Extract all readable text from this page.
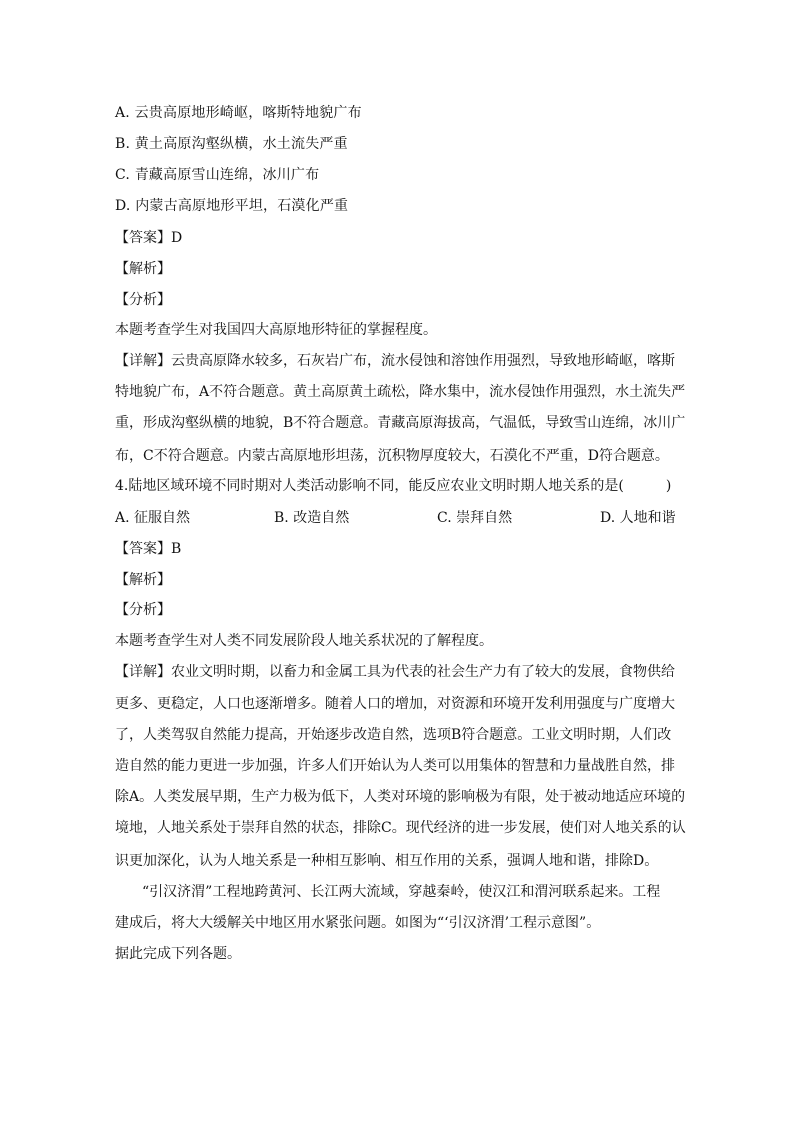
A. 云贵高原地形崎岖，喀斯特地貌广布
B. 黄土高原沟壑纵横，水土流失严重
C. 青藏高原雪山连绵，冰川广布
D. 内蒙古高原地形平坦，石漠化严重
【答案】D
【解析】
【分析】
本题考查学生对我国四大高原地形特征的掌握程度。
【详解】云贵高原降水较多，石灰岩广布，流水侵蚀和溶蚀作用强烈，导致地形崎岖，喀斯
特地貌广布，A不符合题意。黄土高原黄土疏松，降水集中，流水侵蚀作用强烈，水土流失严
重，形成沟壑纵横的地貌，B不符合题意。青藏高原海拔高，气温低，导致雪山连绵，冰川广
布，C不符合题意。内蒙古高原地形坦荡，沉积物厚度较大，石漠化不严重，D符合题意。
4.陆地区域环境不同时期对人类活动影响不同，能反应农业文明时期人地关系的是(　　　)
A. 征服自然	B. 改造自然	C. 崇拜自然	D. 人地和谐
【答案】B
【解析】
【分析】
本题考查学生对人类不同发展阶段人地关系状况的了解程度。
【详解】农业文明时期，以畜力和金属工具为代表的社会生产力有了较大的发展，食物供给
更多、更稳定，人口也逐渐增多。随着人口的增加，对资源和环境开发利用强度与广度增大
了，人类驾驭自然能力提高，开始逐步改造自然，选项B符合题意。工业文明时期，人们改
造自然的能力更进一步加强，许多人们开始认为人类可以用集体的智慧和力量战胜自然，排
除A。人类发展早期，生产力极为低下，人类对环境的影响极为有限，处于被动地适应环境的
境地，人地关系处于崇拜自然的状态，排除C。现代经济的进一步发展，使们对人地关系的认
识更加深化，认为人地关系是一种相互影响、相互作用的关系，强调人地和谐，排除D。
“引汉济渭”工程地跨黄河、长江两大流域，穿越秦岭，使汉江和渭河联系起来。工程
建成后，将大大缓解关中地区用水紧张问题。如图为“‘引汉济渭’工程示意图”。
据此完成下列各题。
